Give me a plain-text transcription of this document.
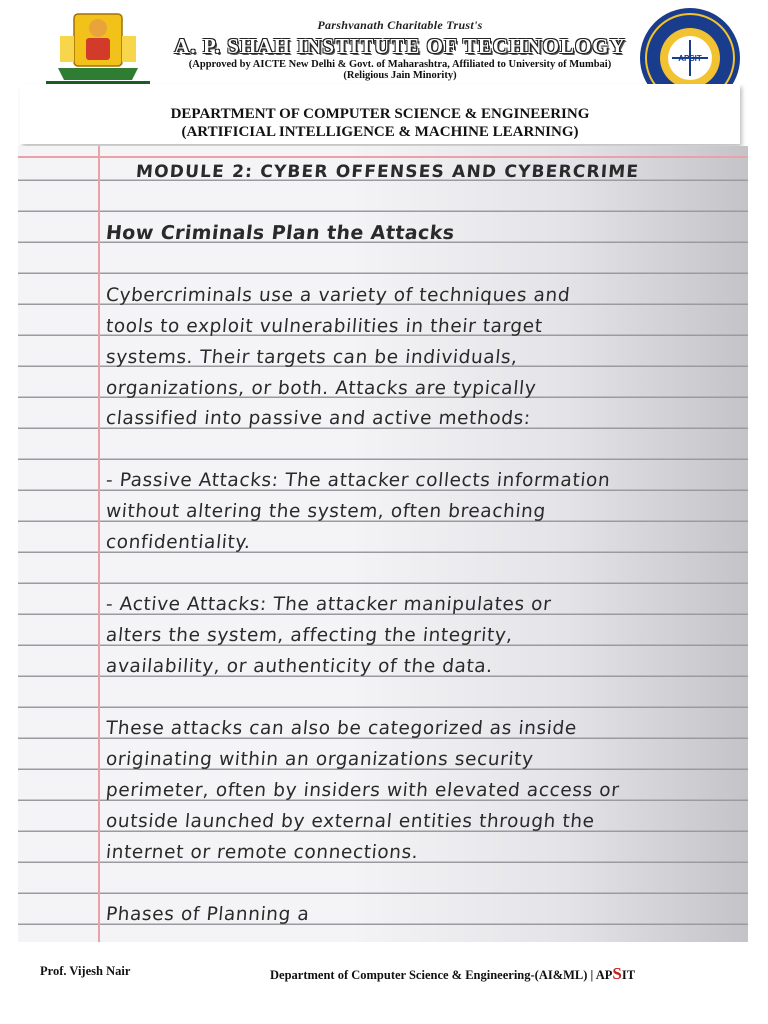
Parshvanath Charitable Trust's
A. P. SHAH INSTITUTE OF TECHNOLOGY
(Approved by AICTE New Delhi & Govt. of Maharashtra, Affiliated to University of Mumbai)
(Religious Jain Minority)
APSIT
DEPARTMENT OF COMPUTER SCIENCE & ENGINEERING
(ARTIFICIAL INTELLIGENCE & MACHINE LEARNING)
MODULE 2: CYBER OFFENSES AND CYBERCRIME
How Criminals Plan the Attacks
Cybercriminals use a variety of techniques and
tools to exploit vulnerabilities in their target
systems. Their targets can be individuals,
organizations, or both. Attacks are typically
classified into passive and active methods:
- Passive Attacks: The attacker collects information
without altering the system, often breaching
confidentiality.
- Active Attacks: The attacker manipulates or
alters the system, affecting the integrity,
availability, or authenticity of the data.
These attacks can also be categorized as inside
originating within an organizations security
perimeter, often by insiders with elevated access or
outside launched by external entities through the
internet or remote connections.
Phases of Planning a
Prof. Vijesh Nair	Department of Computer Science & Engineering-(AI&ML) | APSIT
